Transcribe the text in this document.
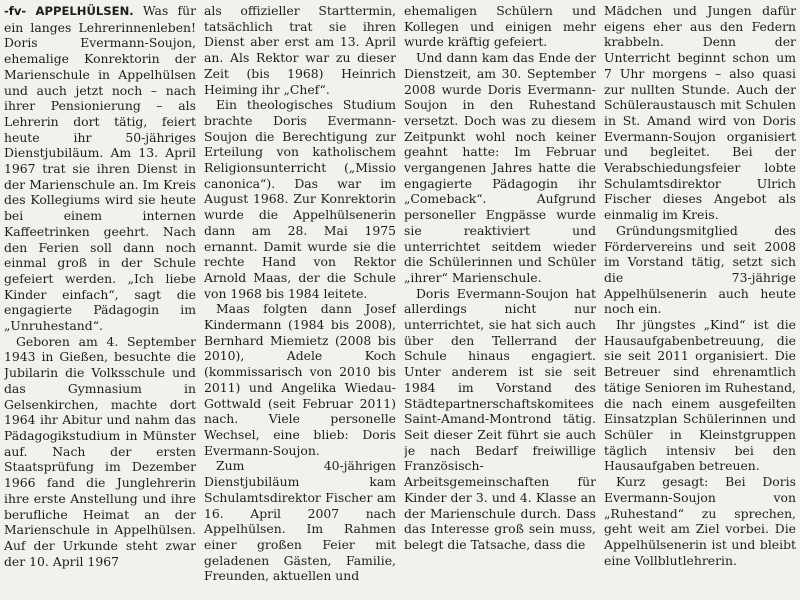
-fv- APPELHÜLSEN. Was für ein langes Lehrerinnenleben! Doris Evermann-Soujon, ehemalige Konrektorin der Marienschule in Appelhülsen und auch jetzt noch – nach ihrer Pensionierung – als Lehrerin dort tätig, feiert heute ihr 50-jähriges Dienstjubiläum. Am 13. April 1967 trat sie ihren Dienst in der Marienschule an. Im Kreis des Kollegiums wird sie heute bei einem internen Kaffeetrinken geehrt. Nach den Ferien soll dann noch einmal groß in der Schule gefeiert werden. „Ich liebe Kinder einfach“, sagt die engagierte Pädagogin im „Unruhestand“.

Geboren am 4. September 1943 in Gießen, besuchte die Jubilarin die Volksschule und das Gymnasium in Gelsenkirchen, machte dort 1964 ihr Abitur und nahm das Pädagogikstudium in Münster auf. Nach der ersten Staatsprüfung im Dezember 1966 fand die Junglehrerin ihre erste Anstellung und ihre berufliche Heimat an der Marienschule in Appelhülsen. Auf der Urkunde steht zwar der 10. April 1967

als offizieller Starttermin, tatsächlich trat sie ihren Dienst aber erst am 13. April an. Als Rektor war zu dieser Zeit (bis 1968) Heinrich Heiming ihr „Chef“.

Ein theologisches Studium brachte Doris Evermann-Soujon die Berechtigung zur Erteilung von katholischem Religionsunterricht („Missio canonica“). Das war im August 1968. Zur Konrektorin wurde die Appelhülsenerin dann am 28. Mai 1975 ernannt. Damit wurde sie die rechte Hand von Rektor Arnold Maas, der die Schule von 1968 bis 1984 leitete.

Maas folgten dann Josef Kindermann (1984 bis 2008), Bernhard Miemietz (2008 bis 2010), Adele Koch (kommissarisch von 2010 bis 2011) und Angelika Wiedau-Gottwald (seit Februar 2011) nach. Viele personelle Wechsel, eine blieb: Doris Evermann-Soujon.

Zum 40-jährigen Dienstjubiläum kam Schulamtsdirektor Fischer am 16. April 2007 nach Appelhülsen. Im Rahmen einer großen Feier mit geladenen Gästen, Familie, Freunden, aktuellen und

ehemaligen Schülern und Kollegen und einigen mehr wurde kräftig gefeiert.

Und dann kam das Ende der Dienstzeit, am 30. September 2008 wurde Doris Evermann-Soujon in den Ruhestand versetzt. Doch was zu diesem Zeitpunkt wohl noch keiner geahnt hatte: Im Februar vergangenen Jahres hatte die engagierte Pädagogin ihr „Comeback“. Aufgrund personeller Engpässe wurde sie reaktiviert und unterrichtet seitdem wieder die Schülerinnen und Schüler „ihrer“ Marienschule.

Doris Evermann-Soujon hat allerdings nicht nur unterrichtet, sie hat sich auch über den Tellerrand der Schule hinaus engagiert. Unter anderem ist sie seit 1984 im Vorstand des Städtepartnerschaftskomitees Saint-Amand-Montrond tätig. Seit dieser Zeit führt sie auch je nach Bedarf freiwillige Französisch-Arbeitsgemeinschaften für Kinder der 3. und 4. Klasse an der Marienschule durch. Dass das Interesse groß sein muss, belegt die Tatsache, dass die

Mädchen und Jungen dafür eigens eher aus den Federn krabbeln. Denn der Unterricht beginnt schon um 7 Uhr morgens – also quasi zur nullten Stunde. Auch der Schüleraustausch mit Schulen in St. Amand wird von Doris Evermann-Soujon organisiert und begleitet. Bei der Verabschiedungsfeier lobte Schulamtsdirektor Ulrich Fischer dieses Angebot als einmalig im Kreis.

Gründungsmitglied des Fördervereins und seit 2008 im Vorstand tätig, setzt sich die 73-jährige Appelhülsenerin auch heute noch ein.

Ihr jüngstes „Kind“ ist die Hausaufgabenbetreuung, die sie seit 2011 organisiert. Die Betreuer sind ehrenamtlich tätige Senioren im Ruhestand, die nach einem ausgefeilten Einsatzplan Schülerinnen und Schüler in Kleinstgruppen täglich intensiv bei den Hausaufgaben betreuen.

Kurz gesagt: Bei Doris Evermann-Soujon von „Ruhestand“ zu sprechen, geht weit am Ziel vorbei. Die Appelhülsenerin ist und bleibt eine Vollblutlehrerin.
